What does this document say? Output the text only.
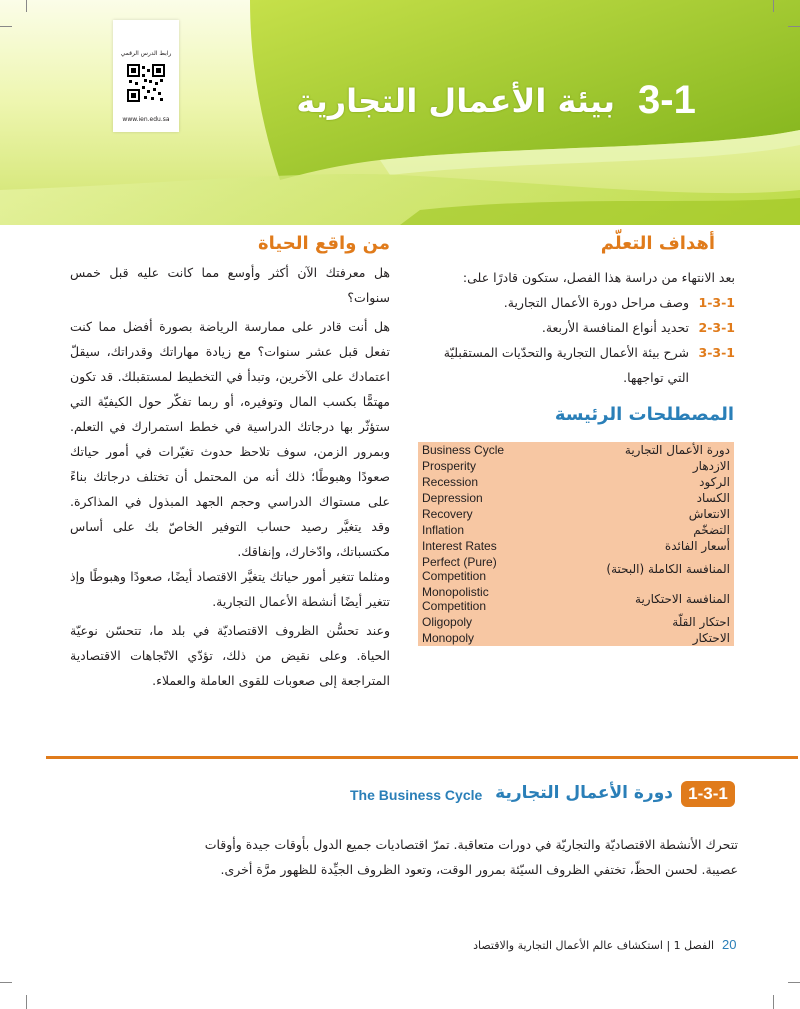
رابط الدرس الرقمي
www.ien.edu.sa	3-1
بيئة الأعمال التجارية
من واقع الحياة

هل معرفتك الآن أكثر وأوسع مما كانت عليه قبل خمس سنوات؟

هل أنت قادر على ممارسة الرياضة بصورة أفضل مما كنت تفعل قبل عشر سنوات؟ مع زيادة مهاراتك وقدراتك، سيقلّ اعتمادك على الآخرين، وتبدأ في التخطيط لمستقبلك. قد تكون مهتمًّا بكسب المال وتوفيره، أو ربما تفكّر حول الكيفيّة التي ستؤثّر بها درجاتك الدراسية في خطط استمرارك في التعلم. وبمرور الزمن، سوف تلاحظ حدوث تغيّرات في أمور حياتك صعودًا وهبوطًا؛ ذلك أنه من المحتمل أن تختلف درجاتك بناءً على مستواك الدراسي وحجم الجهد المبذول في المذاكرة. وقد يتغيَّر رصيد حساب التوفير الخاصّ بك على أساس مكتسباتك، وادّخارك، وإنفاقك.

ومثلما تتغير أمور حياتك يتغيَّر الاقتصاد أيضًا، صعودًا وهبوطًا وإذ تتغير أيضًا أنشطة الأعمال التجارية.

وعند تحسُّن الظروف الاقتصاديّة في بلد ما، تتحسّن نوعيّة الحياة. وعلى نقيض من ذلك، تؤدّي الاتّجاهات الاقتصادية المتراجعة إلى صعوبات للقوى العاملة والعملاء.

أهداف التعلّم
بعد الانتهاء من دراسة هذا الفصل، ستكون قادرًا على:
1-3-1
وصف مراحل دورة الأعمال التجارية.
2-3-1
تحديد أنواع المنافسة الأربعة.
3-3-1
شرح بيئة الأعمال التجارية والتحدّيات المستقبليّة التي تواجهها.
المصطلحات الرئيسة
Business Cycle	دورة الأعمال التجارية
Prosperity	الازدهار
Recession	الركود
Depression	الكساد
Recovery	الانتعاش
Inflation	التضخّم
Interest Rates	أسعار الفائدة
Perfect (Pure) Competition	المنافسة الكاملة (البحتة)
Monopolistic Competition	المنافسة الاحتكارية
Oligopoly	احتكار القلّة
Monopoly	الاحتكار
1-3-1
دورة الأعمال التجارية
The Business Cycle
تتحرك الأنشطة الاقتصاديّة والتجاريّة في دورات متعاقبة. تمرّ اقتصاديات جميع الدول بأوقات جيدة وأوقات عصيبة. لحسن الحظّ، تختفي الظروف السيّئة بمرور الوقت، وتعود الظروف الجيِّدة للظهور مرَّة أخرى.
20
الفصل 1 | استكشاف عالم الأعمال التجارية والاقتصاد
